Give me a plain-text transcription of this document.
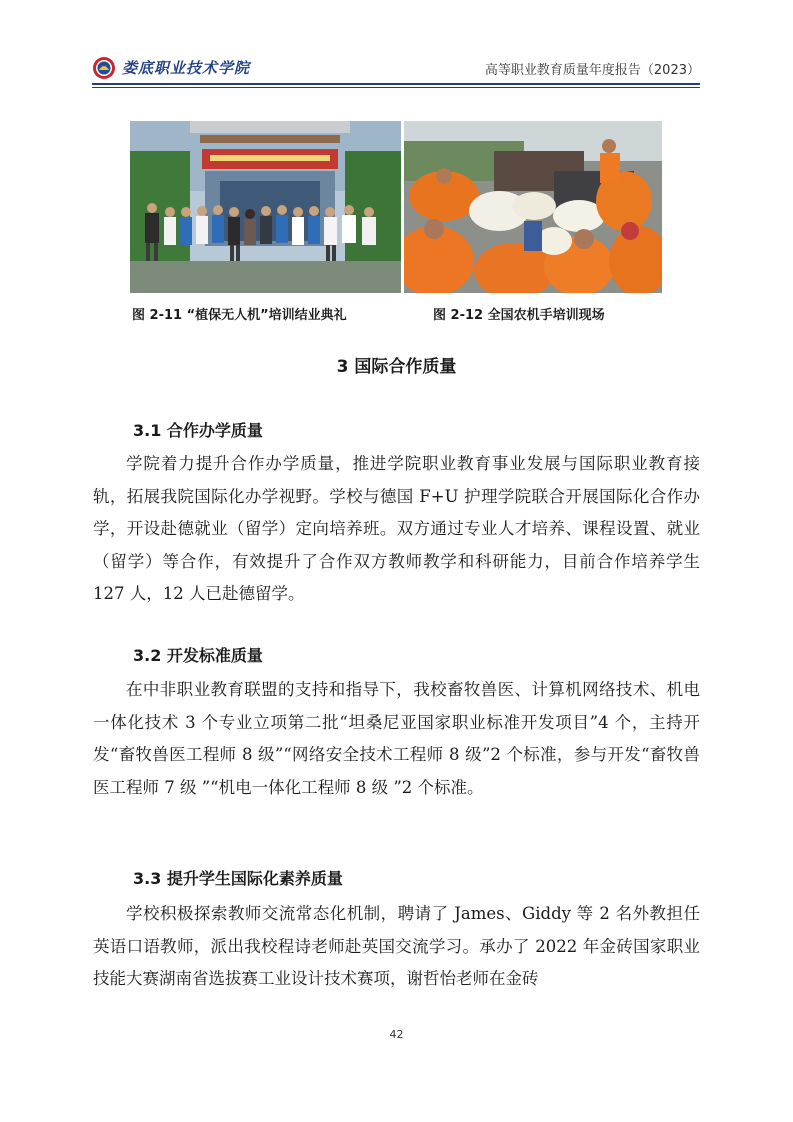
娄底职业技术学院	高等职业教育质量年度报告（2023）
图 2-11 “植保无人机”培训结业典礼	图 2-12 全国农机手培训现场
3 国际合作质量
3.1 合作办学质量

学院着力提升合作办学质量，推进学院职业教育事业发展与国际职业教育接轨，拓展我院国际化办学视野。学校与德国 F+U 护理学院联合开展国际化合作办学，开设赴德就业（留学）定向培养班。双方通过专业人才培养、课程设置、就业（留学）等合作，有效提升了合作双方教师教学和科研能力，目前合作培养学生 127 人，12 人已赴德留学。

3.2 开发标准质量

在中非职业教育联盟的支持和指导下，我校畜牧兽医、计算机网络技术、机电一体化技术 3 个专业立项第二批“坦桑尼亚国家职业标准开发项目”4 个，主持开发“畜牧兽医工程师 8 级”“网络安全技术工程师 8 级”2 个标准，参与开发“畜牧兽医工程师 7 级 ”“机电一体化工程师 8 级 ”2 个标准。

3.3 提升学生国际化素养质量

学校积极探索教师交流常态化机制，聘请了 James、Giddy 等 2 名外教担任英语口语教师，派出我校程诗老师赴英国交流学习。承办了 2022 年金砖国家职业技能大赛湖南省选拔赛工业设计技术赛项，谢哲怡老师在金砖

42
